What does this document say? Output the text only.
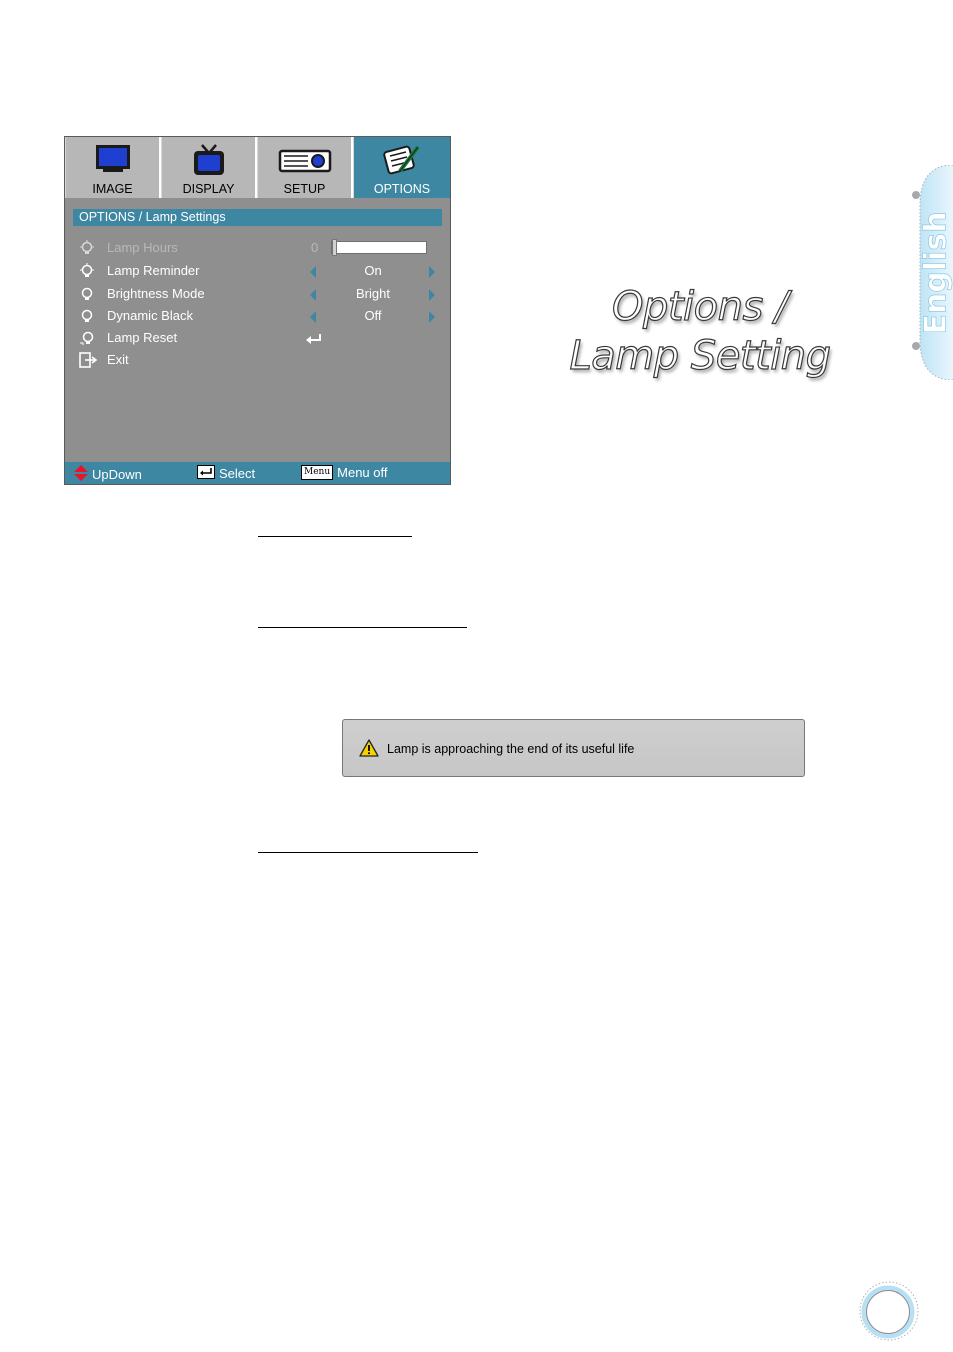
IMAGE	DISPLAY	SETUP	OPTIONS
OPTIONS / Lamp Settings
Lamp Hours	0
Lamp Reminder	On
Brightness Mode	Bright
Dynamic Black	Off
Lamp Reset
Exit
UpDown	Select	Menu Menu off
Options /
Lamp Setting
English
Lamp is approaching the end of its useful life
